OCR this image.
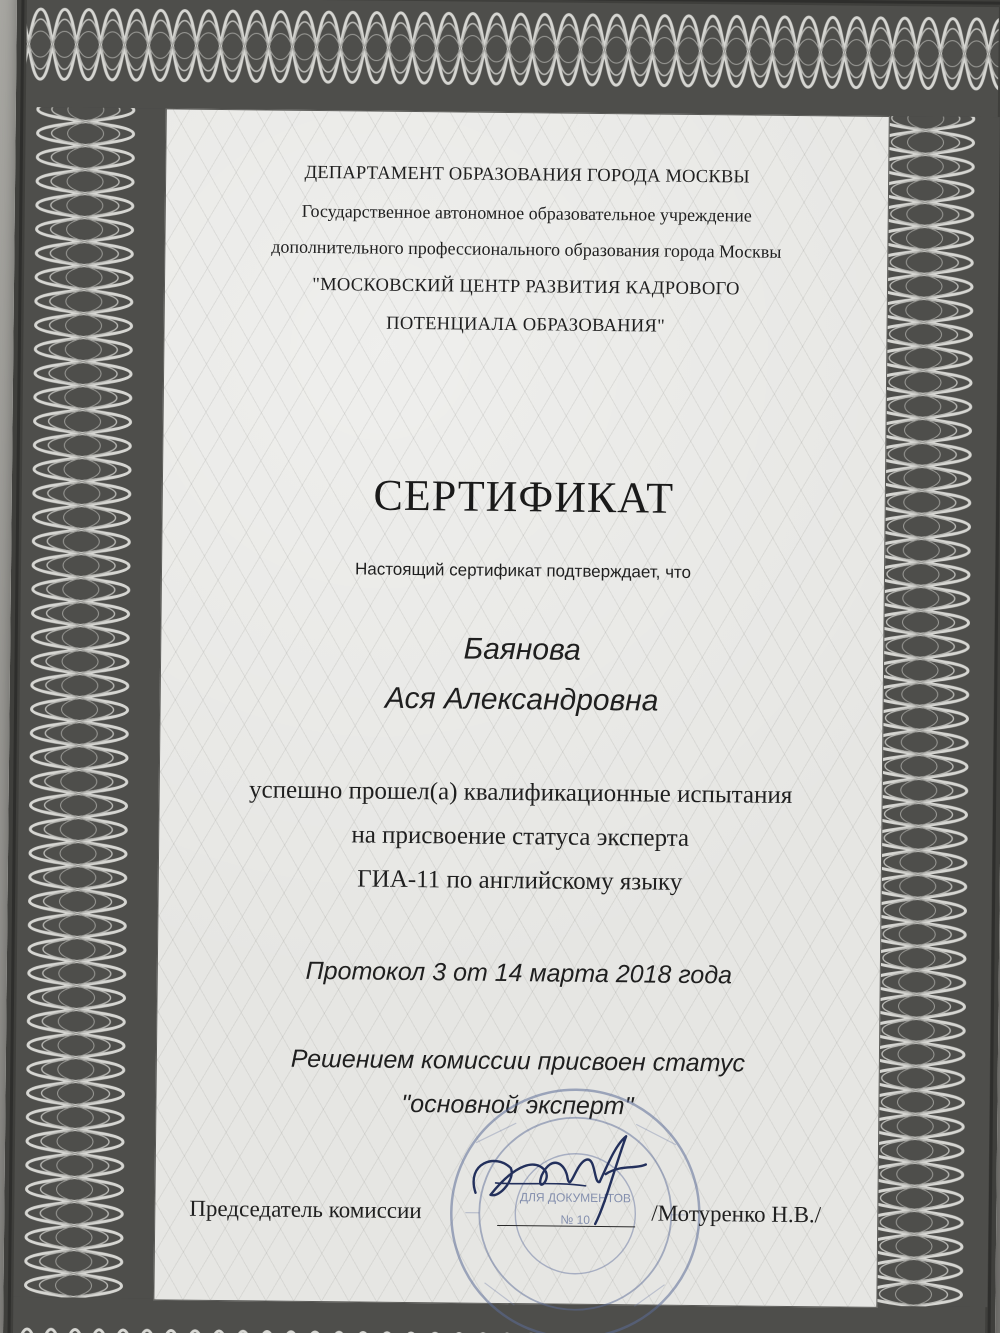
ДЕПАРТАМЕНТ ОБРАЗОВАНИЯ ГОРОДА МОСКВЫ
Государственное автономное образовательное учреждение
дополнительного профессионального образования города Москвы
"МОСКОВСКИЙ ЦЕНТР РАЗВИТИЯ КАДРОВОГО
ПОТЕНЦИАЛА ОБРАЗОВАНИЯ"
СЕРТИФИКАТ
Настоящий сертификат подтверждает, что
Баянова
Ася Александровна
успешно прошел(а) квалификационные испытания
на присвоение статуса эксперта
ГИА-11 по английскому языку
Протокол 3 от 14 марта 2018 года
Решением комиссии присвоен статус
"основной эксперт"
ДЛЯ ДОКУМЕНТОВ
№ 10
Председатель комиссии	/Мотуренко Н.В./
